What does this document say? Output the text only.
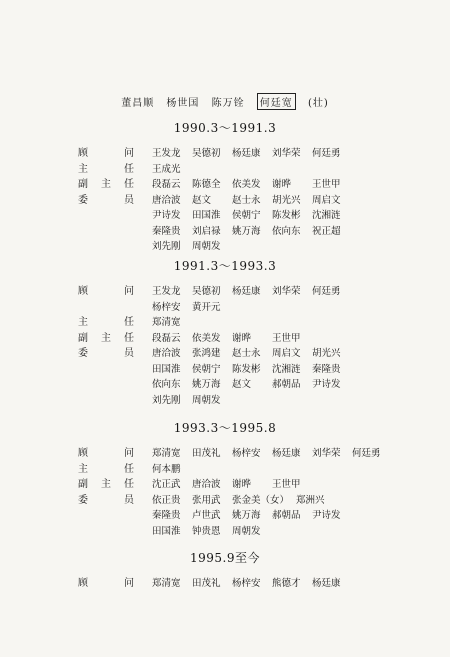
董昌顺 杨世国 陈万铨 何廷宽 (壮)
1990.3～1991.3
顾	问 王发龙 吴德初 杨廷康 刘华荣 何廷勇
主	任 王成光
副 主 任 段磊云 陈德全 依美发 谢晔 王世甲
委	员 唐洽波 赵文 赵士永 胡光兴 周启文
尹诗发 田国淮 侯朝宁 陈发彬 沈湘涟
秦隆贵 刘启禄 姚万海 依向东 祝正超
刘先刚 周朝发
1991.3～1993.3
顾	问 王发龙 吴德初 杨廷康 刘华荣 何廷勇
杨梓安 黄开元
主	任 郑清宽
副 主 任 段磊云 依美发 谢晔 王世甲
委	员 唐洽波 张鸿建 赵士永 周启文 胡光兴
田国淮 侯朝宁 陈发彬 沈湘涟 秦隆贵
依向东 姚万海 赵文 郝朝品 尹诗发
刘先刚 周朝发
1993.3～1995.8
顾	问 郑清宽 田茂礼 杨梓安 杨廷康 刘华荣 何廷勇
主	任 何本鹏
副 主 任 沈正武 唐洽波 谢晔 王世甲
委	员 依正贵 张用武 张金美（女） 郑洲兴
秦隆贵 卢世武 姚万海 郝朝品 尹诗发
田国淮 钟贵恩 周朝发
1995.9至今
顾	问 郑清宽 田茂礼 杨梓安 熊德才 杨廷康
